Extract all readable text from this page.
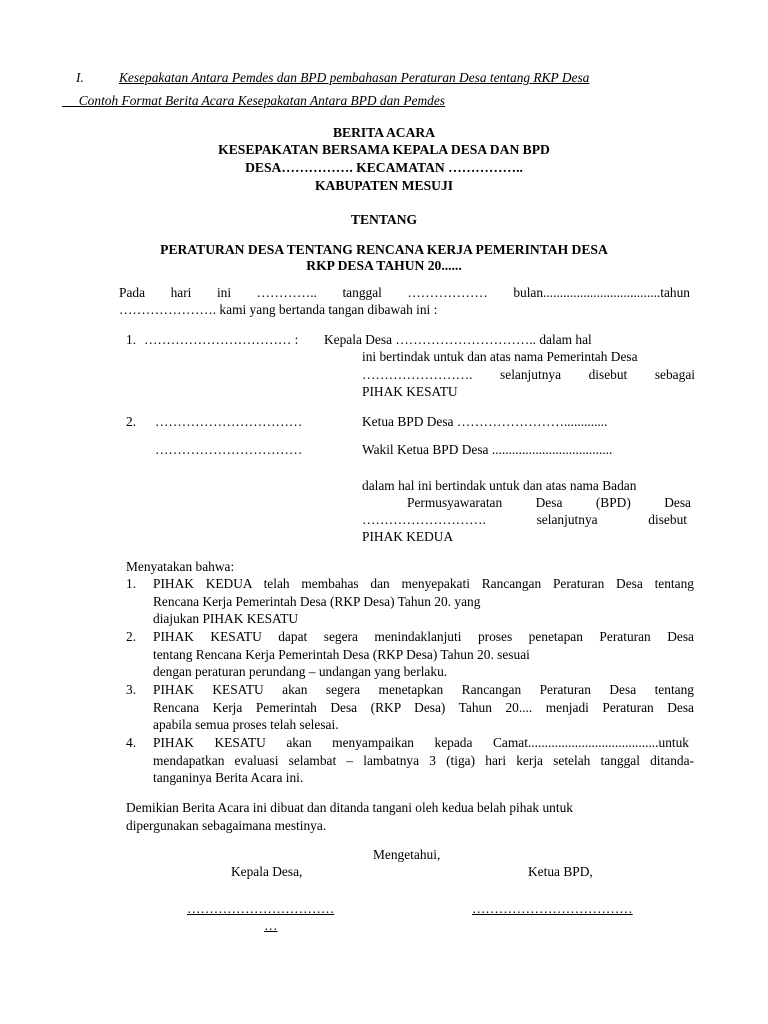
I.	Kesepakatan Antara Pemdes dan BPD pembahasan Peraturan Desa tentang RKP Desa
Contoh Format Berita Acara Kesepakatan Antara BPD dan Pemdes
BERITA ACARA
KESEPAKATAN BERSAMA KEPALA DESA DAN BPD
DESA……………. KECAMATAN ……………..
KABUPATEN MESUJI
TENTANG
PERATURAN DESA TENTANG RENCANA KERJA PEMERINTAH DESA
RKP DESA TAHUN 20......
Pada hari ini ………….. tanggal ……………… bulan...................................tahun
…………………. kami yang bertanda tangan dibawah ini :
1. …………………………… : Kepala Desa ………………………….. dalam hal
ini bertindak untuk dan atas nama Pemerintah Desa
……………………. selanjutnya disebut sebagai
PIHAK KESATU
2. ……………………………	Ketua BPD Desa …………………….............
……………………………	Wakil Ketua BPD Desa ....................................
dalam hal ini bertindak untuk dan atas nama Badan
Permusyawaratan Desa (BPD) Desa
………………………. selanjutnya disebut
PIHAK KEDUA
Menyatakan bahwa:
1. PIHAK KEDUA telah membahas dan menyepakati Rancangan Peraturan Desa tentang
Rencana Kerja Pemerintah Desa (RKP Desa) Tahun 20. yang
diajukan PIHAK KESATU
2. PIHAK KESATU dapat segera menindaklanjuti proses penetapan Peraturan Desa
tentang Rencana Kerja Pemerintah Desa (RKP Desa) Tahun 20. sesuai
dengan peraturan perundang – undangan yang berlaku.
3. PIHAK KESATU akan segera menetapkan Rancangan Peraturan Desa tentang
Rencana Kerja Pemerintah Desa (RKP Desa) Tahun 20.... menjadi Peraturan Desa
apabila semua proses telah selesai.
4. PIHAK KESATU akan menyampaikan kepada Camat.......................................untuk
mendapatkan evaluasi selambat – lambatnya 3 (tiga) hari kerja setelah tanggal ditanda-
tanganinya Berita Acara ini.
Demikian Berita Acara ini dibuat dan ditanda tangani oleh kedua belah pihak untuk
dipergunakan sebagaimana mestinya.
Mengetahui,
Kepala Desa,	Ketua BPD,
……………………………
…
………………………………
